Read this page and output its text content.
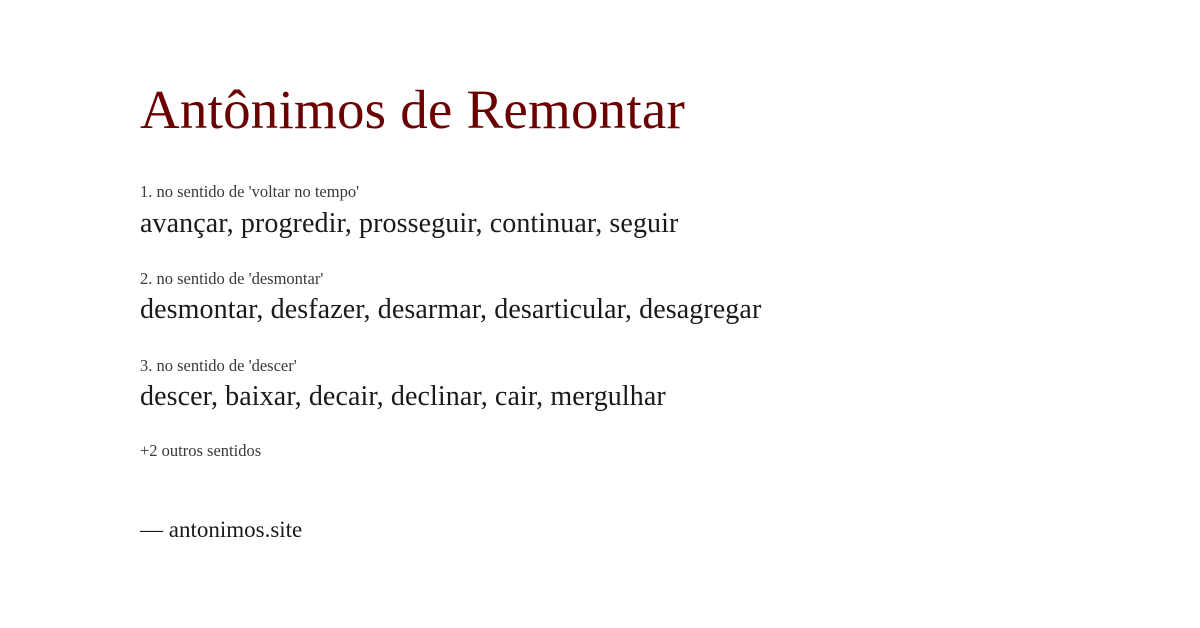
Antônimos de Remontar
1. no sentido de 'voltar no tempo'
avançar, progredir, prosseguir, continuar, seguir
2. no sentido de 'desmontar'
desmontar, desfazer, desarmar, desarticular, desagregar
3. no sentido de 'descer'
descer, baixar, decair, declinar, cair, mergulhar
+2 outros sentidos
— antonimos.site
